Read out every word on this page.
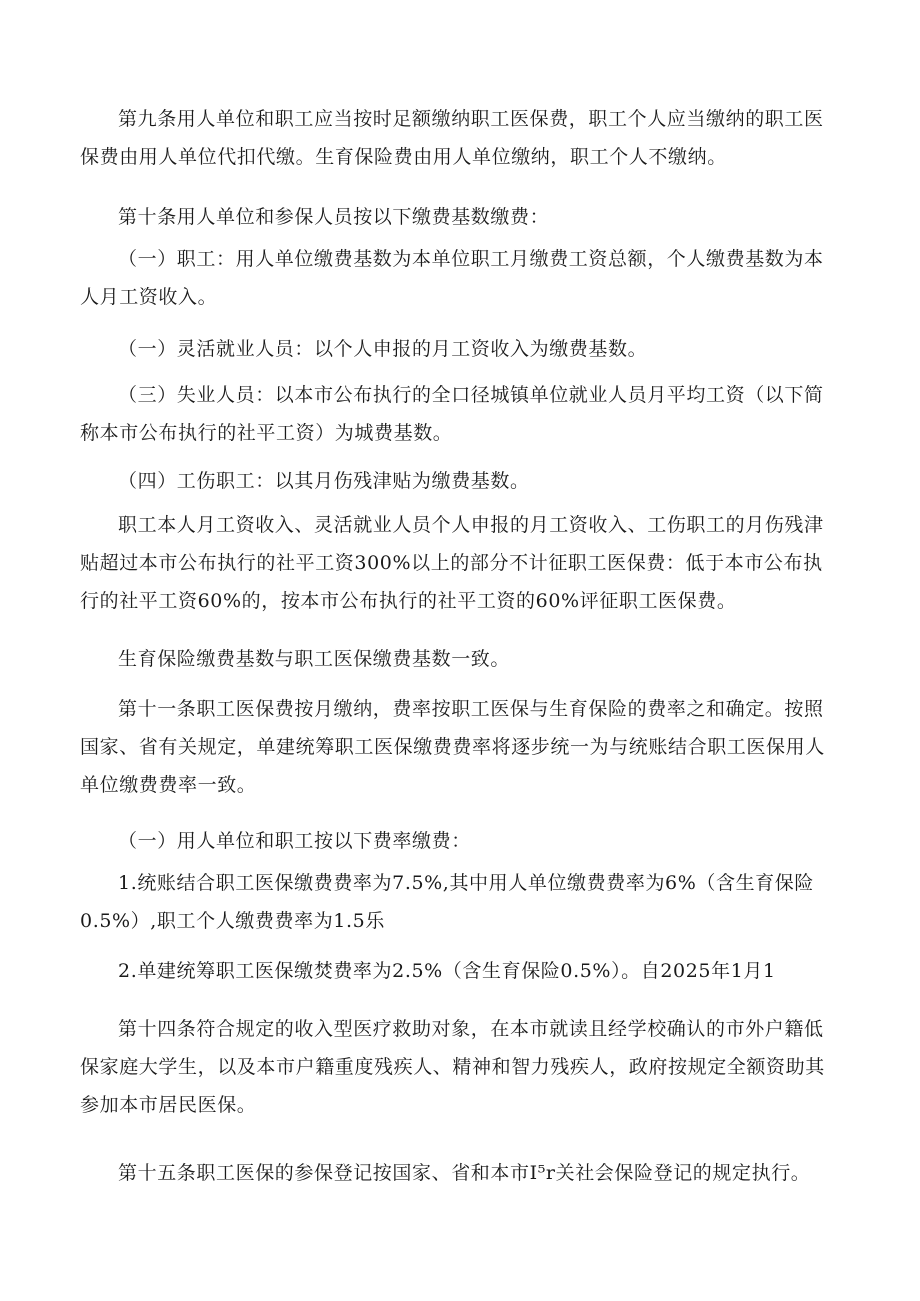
第九条用人单位和职工应当按时足额缴纳职工医保费，职工个人应当缴纳的职工医保费由用人单位代扣代缴。生育保险费由用人单位缴纳，职工个人不缴纳。

第十条用人单位和参保人员按以下缴费基数缴费：

（一）职工：用人单位缴费基数为本单位职工月缴费工资总额，个人缴费基数为本人月工资收入。

（一）灵活就业人员：以个人申报的月工资收入为缴费基数。

（三）失业人员：以本市公布执行的全口径城镇单位就业人员月平均工资（以下简称本市公布执行的社平工资）为城费基数。

（四）工伤职工：以其月伤残津贴为缴费基数。

职工本人月工资收入、灵活就业人员个人申报的月工资收入、工伤职工的月伤残津贴超过本市公布执行的社平工资300%以上的部分不计征职工医保费：低于本市公布执行的社平工资60%的，按本市公布执行的社平工资的60%评征职工医保费。

生育保险缴费基数与职工医保缴费基数一致。

第十一条职工医保费按月缴纳，费率按职工医保与生育保险的费率之和确定。按照国家、省有关规定，单建统筹职工医保缴费费率将逐步统一为与统账结合职工医保用人单位缴费费率一致。

（一）用人单位和职工按以下费率缴费：

1.统账结合职工医保缴费费率为7.5%,其中用人单位缴费费率为6%（含生育保险0.5%）,职工个人缴费费率为1.5乐

2.单建统筹职工医保缴焚费率为2.5%（含生育保险0.5%）。自2025年1月1

第十四条符合规定的收入型医疗救助对象，在本市就读且经学校确认的市外户籍低保家庭大学生，以及本市户籍重度残疾人、精神和智力残疾人，政府按规定全额资助其参加本市居民医保。

第十五条职工医保的参保登记按国家、省和本市I⁵r关社会保险登记的规定执行。
